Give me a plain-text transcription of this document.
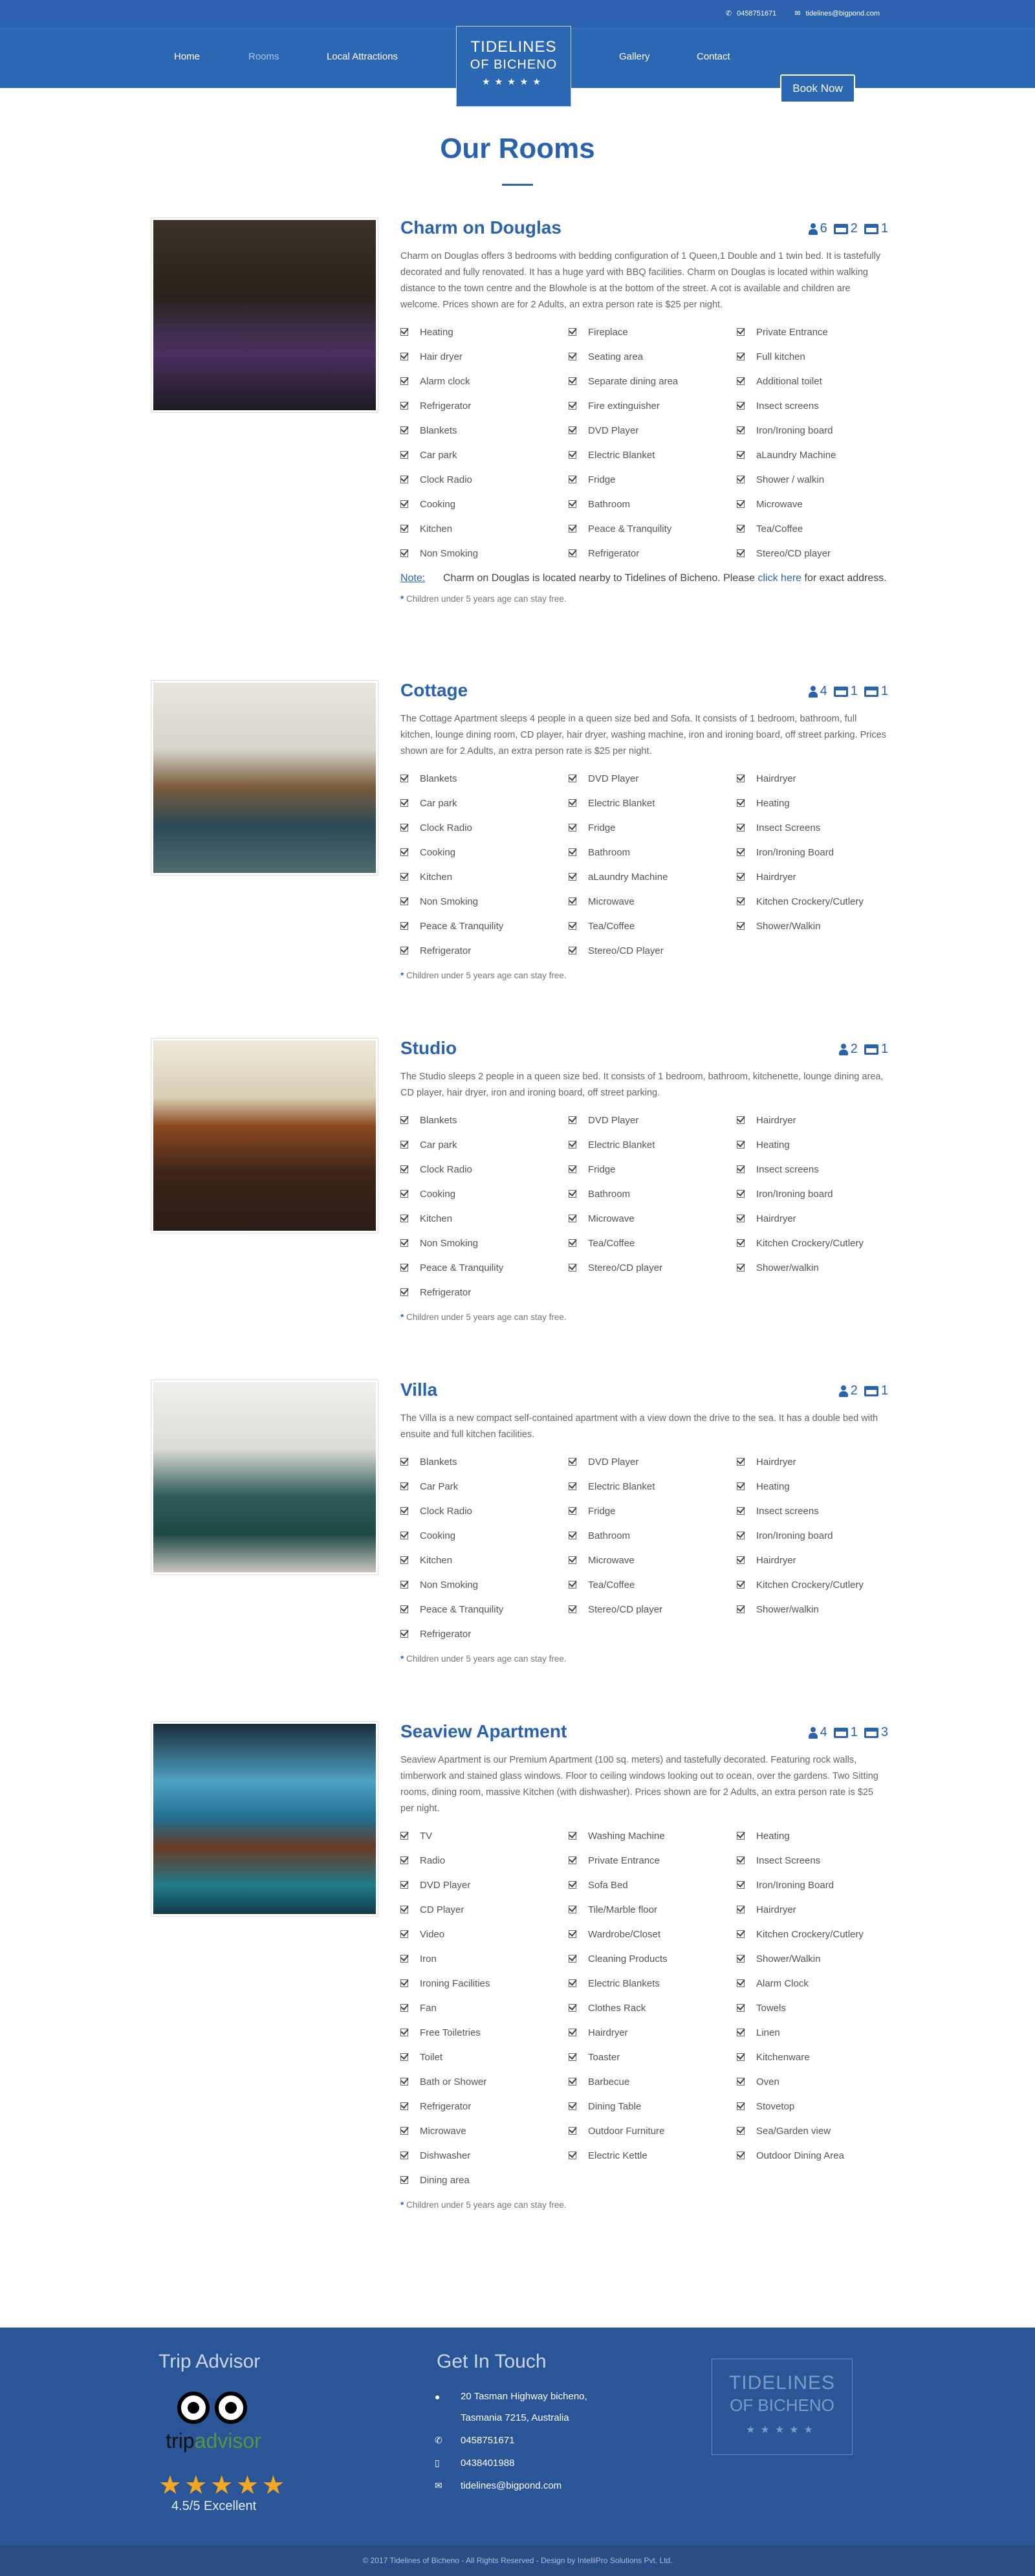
✆ 0458751671	✉ tidelines@bigpond.com
Home	Rooms	Local Attractions	Gallery	Contact
Book Now
TIDELINES
OF BICHENO
★★★★★
Our Rooms
Charm on Douglas	6 2 1

Charm on Douglas offers 3 bedrooms with bedding configuration of 1 Queen,1 Double and 1 twin bed. It is tastefully decorated and fully renovated. It has a huge yard with BBQ facilities. Charm on Douglas is located within walking distance to the town centre and the Blowhole is at the bottom of the street. A cot is available and children are welcome. Prices shown are for 2 Adults, an extra person rate is $25 per night.

Heating	Fireplace	Private Entrance
Hair dryer	Seating area	Full kitchen
Alarm clock	Separate dining area	Additional toilet
Refrigerator	Fire extinguisher	Insect screens
Blankets	DVD Player	Iron/Ironing board
Car park	Electric Blanket	aLaundry Machine
Clock Radio	Fridge	Shower / walkin
Cooking	Bathroom	Microwave
Kitchen	Peace & Tranquility	Tea/Coffee
Non Smoking	Refrigerator	Stereo/CD player
Note:	Charm on Douglas is located nearby to Tidelines of Bicheno. Please click here for exact address.

* Children under 5 years age can stay free.

Cottage	4 1 1

The Cottage Apartment sleeps 4 people in a queen size bed and Sofa. It consists of 1 bedroom, bathroom, full kitchen, lounge dining room, CD player, hair dryer, washing machine, iron and ironing board, off street parking. Prices shown are for 2 Adults, an extra person rate is $25 per night.

Blankets	DVD Player	Hairdryer
Car park	Electric Blanket	Heating
Clock Radio	Fridge	Insect Screens
Cooking	Bathroom	Iron/Ironing Board
Kitchen	aLaundry Machine	Hairdryer
Non Smoking	Microwave	Kitchen Crockery/Cutlery
Peace & Tranquility	Tea/Coffee	Shower/Walkin
Refrigerator	Stereo/CD Player

* Children under 5 years age can stay free.

Studio	2 1

The Studio sleeps 2 people in a queen size bed. It consists of 1 bedroom, bathroom, kitchenette, lounge dining area, CD player, hair dryer, iron and ironing board, off street parking.

Blankets	DVD Player	Hairdryer
Car park	Electric Blanket	Heating
Clock Radio	Fridge	Insect screens
Cooking	Bathroom	Iron/Ironing board
Kitchen	Microwave	Hairdryer
Non Smoking	Tea/Coffee	Kitchen Crockery/Cutlery
Peace & Tranquility	Stereo/CD player	Shower/walkin
Refrigerator

* Children under 5 years age can stay free.

Villa	2 1

The Villa is a new compact self-contained apartment with a view down the drive to the sea. It has a double bed with ensuite and full kitchen facilities.

Blankets	DVD Player	Hairdryer
Car Park	Electric Blanket	Heating
Clock Radio	Fridge	Insect screens
Cooking	Bathroom	Iron/Ironing board
Kitchen	Microwave	Hairdryer
Non Smoking	Tea/Coffee	Kitchen Crockery/Cutlery
Peace & Tranquility	Stereo/CD player	Shower/walkin
Refrigerator

* Children under 5 years age can stay free.

Seaview Apartment	4 1 3

Seaview Apartment is our Premium Apartment (100 sq. meters) and tastefully decorated. Featuring rock walls, timberwork and stained glass windows. Floor to ceiling windows looking out to ocean, over the gardens. Two Sitting rooms, dining room, massive Kitchen (with dishwasher). Prices shown are for 2 Adults, an extra person rate is $25 per night.

TV	Washing Machine	Heating
Radio	Private Entrance	Insect Screens
DVD Player	Sofa Bed	Iron/Ironing Board
CD Player	Tile/Marble floor	Hairdryer
Video	Wardrobe/Closet	Kitchen Crockery/Cutlery
Iron	Cleaning Products	Shower/Walkin
Ironing Facilities	Electric Blankets	Alarm Clock
Fan	Clothes Rack	Towels
Free Toiletries	Hairdryer	Linen
Toilet	Toaster	Kitchenware
Bath or Shower	Barbecue	Oven
Refrigerator	Dining Table	Stovetop
Microwave	Outdoor Furniture	Sea/Garden view
Dishwasher	Electric Kettle	Outdoor Dining Area
Dining area

* Children under 5 years age can stay free.

Trip Advisor
tripadvisor
★★★★★
4.5/5 Excellent
Get In Touch
●	20 Tasman Highway bicheno,
Tasmania 7215, Australia
✆	0458751671
▯	0438401988
✉	tidelines@bigpond.com
TIDELINES
OF BICHENO
★★★★★
© 2017 Tidelines of Bicheno - All Rights Reserved - Design by IntelliPro Solutions Pvt. Ltd.
